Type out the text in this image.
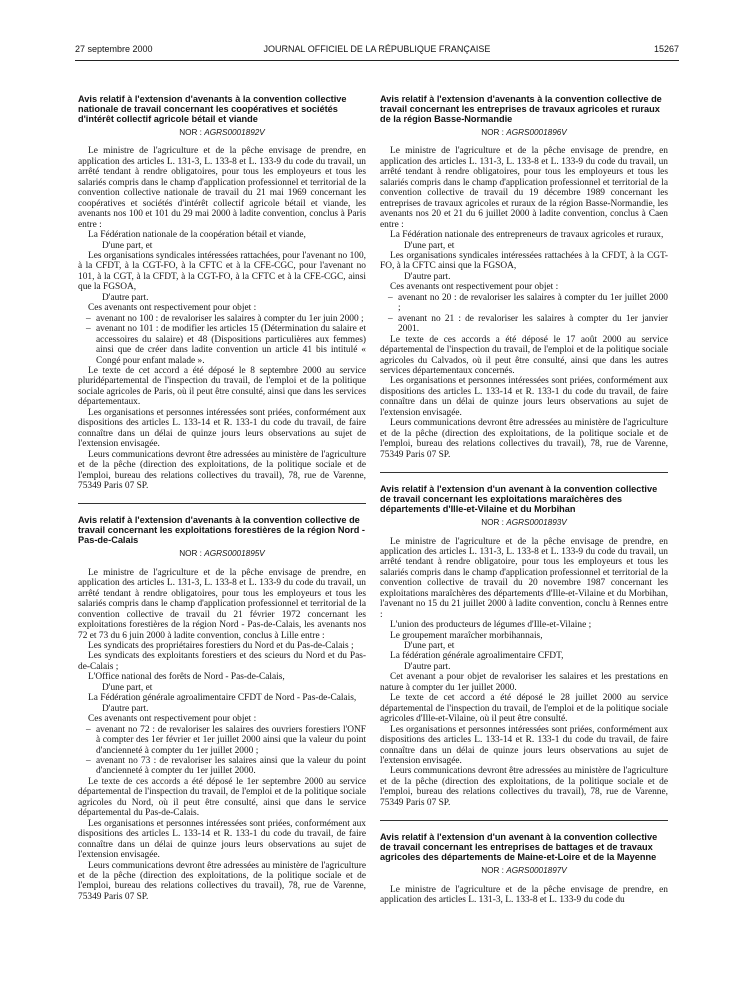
27 septembre 2000	JOURNAL OFFICIEL DE LA RÉPUBLIQUE FRANÇAISE	15267
Avis relatif à l'extension d'avenants à la convention collective nationale de travail concernant les coopératives et sociétés d'intérêt collectif agricole bétail et viande
NOR : AGRS0001892V

Le ministre de l'agriculture et de la pêche envisage de prendre, en application des articles L. 131-3, L. 133-8 et L. 133-9 du code du travail, un arrêté tendant à rendre obligatoires, pour tous les employeurs et tous les salariés compris dans le champ d'application professionnel et territorial de la convention collective nationale de travail du 21 mai 1969 concernant les coopératives et sociétés d'intérêt collectif agricole bétail et viande, les avenants nos 100 et 101 du 29 mai 2000 à ladite convention, conclus à Paris entre :

La Fédération nationale de la coopération bétail et viande,

D'une part, et

Les organisations syndicales intéressées rattachées, pour l'avenant no 100, à la CFDT, à la CGT-FO, à la CFTC et à la CFE-CGC, pour l'avenant no 101, à la CGT, à la CFDT, à la CGT-FO, à la CFTC et à la CFE-CGC, ainsi que la FGSOA,

D'autre part.

Ces avenants ont respectivement pour objet :

– avenant no 100 : de revaloriser les salaires à compter du 1er juin 2000 ;
– avenant no 101 : de modifier les articles 15 (Détermination du salaire et accessoires du salaire) et 48 (Dispositions particulières aux femmes) ainsi que de créer dans ladite convention un article 41 bis intitulé « Congé pour enfant malade ».

Le texte de cet accord a été déposé le 8 septembre 2000 au service pluridépartemental de l'inspection du travail, de l'emploi et de la politique sociale agricoles de Paris, où il peut être consulté, ainsi que dans les services départementaux.

Les organisations et personnes intéressées sont priées, conformément aux dispositions des articles L. 133-14 et R. 133-1 du code du travail, de faire connaître dans un délai de quinze jours leurs observations au sujet de l'extension envisagée.

Leurs communications devront être adressées au ministère de l'agriculture et de la pêche (direction des exploitations, de la politique sociale et de l'emploi, bureau des relations collectives du travail), 78, rue de Varenne, 75349 Paris 07 SP.

Avis relatif à l'extension d'avenants à la convention collective de travail concernant les exploitations forestières de la région Nord - Pas-de-Calais
NOR : AGRS0001895V

Le ministre de l'agriculture et de la pêche envisage de prendre, en application des articles L. 131-3, L. 133-8 et L. 133-9 du code du travail, un arrêté tendant à rendre obligatoires, pour tous les employeurs et tous les salariés compris dans le champ d'application professionnel et territorial de la convention collective de travail du 21 février 1972 concernant les exploitations forestières de la région Nord - Pas-de-Calais, les avenants nos 72 et 73 du 6 juin 2000 à ladite convention, conclus à Lille entre :

Les syndicats des propriétaires forestiers du Nord et du Pas-de-Calais ;

Les syndicats des exploitants forestiers et des scieurs du Nord et du Pas-de-Calais ;

L'Office national des forêts de Nord - Pas-de-Calais,

D'une part, et

La Fédération générale agroalimentaire CFDT de Nord - Pas-de-Calais,

D'autre part.

Ces avenants ont respectivement pour objet :

– avenant no 72 : de revaloriser les salaires des ouvriers forestiers l'ONF à compter des 1er février et 1er juillet 2000 ainsi que la valeur du point d'ancienneté à compter du 1er juillet 2000 ;
– avenant no 73 : de revaloriser les salaires ainsi que la valeur du point d'ancienneté à compter du 1er juillet 2000.

Le texte de ces accords a été déposé le 1er septembre 2000 au service départemental de l'inspection du travail, de l'emploi et de la politique sociale agricoles du Nord, où il peut être consulté, ainsi que dans le service départemental du Pas-de-Calais.

Les organisations et personnes intéressées sont priées, conformément aux dispositions des articles L. 133-14 et R. 133-1 du code du travail, de faire connaître dans un délai de quinze jours leurs observations au sujet de l'extension envisagée.

Leurs communications devront être adressées au ministère de l'agriculture et de la pêche (direction des exploitations, de la politique sociale et de l'emploi, bureau des relations collectives du travail), 78, rue de Varenne, 75349 Paris 07 SP.

Avis relatif à l'extension d'avenants à la convention collective de travail concernant les entreprises de travaux agricoles et ruraux de la région Basse-Normandie
NOR : AGRS0001896V

Le ministre de l'agriculture et de la pêche envisage de prendre, en application des articles L. 131-3, L. 133-8 et L. 133-9 du code du travail, un arrêté tendant à rendre obligatoires, pour tous les employeurs et tous les salariés compris dans le champ d'application professionnel et territorial de la convention collective de travail du 19 décembre 1989 concernant les entreprises de travaux agricoles et ruraux de la région Basse-Normandie, les avenants nos 20 et 21 du 6 juillet 2000 à ladite convention, conclus à Caen entre :

La Fédération nationale des entrepreneurs de travaux agricoles et ruraux,

D'une part, et

Les organisations syndicales intéressées rattachées à la CFDT, à la CGT-FO, à la CFTC ainsi que la FGSOA,

D'autre part.

Ces avenants ont respectivement pour objet :

– avenant no 20 : de revaloriser les salaires à compter du 1er juillet 2000 ;
– avenant no 21 : de revaloriser les salaires à compter du 1er janvier 2001.

Le texte de ces accords a été déposé le 17 août 2000 au service départemental de l'inspection du travail, de l'emploi et de la politique sociale agricoles du Calvados, où il peut être consulté, ainsi que dans les autres services départementaux concernés.

Les organisations et personnes intéressées sont priées, conformément aux dispositions des articles L. 133-14 et R. 133-1 du code du travail, de faire connaître dans un délai de quinze jours leurs observations au sujet de l'extension envisagée.

Leurs communications devront être adressées au ministère de l'agriculture et de la pêche (direction des exploitations, de la politique sociale et de l'emploi, bureau des relations collectives du travail), 78, rue de Varenne, 75349 Paris 07 SP.

Avis relatif à l'extension d'un avenant à la convention collective de travail concernant les exploitations maraîchères des départements d'Ille-et-Vilaine et du Morbihan
NOR : AGRS0001893V

Le ministre de l'agriculture et de la pêche envisage de prendre, en application des articles L. 131-3, L. 133-8 et L. 133-9 du code du travail, un arrêté tendant à rendre obligatoire, pour tous les employeurs et tous les salariés compris dans le champ d'application professionnel et territorial de la convention collective de travail du 20 novembre 1987 concernant les exploitations maraîchères des départements d'Ille-et-Vilaine et du Morbihan, l'avenant no 15 du 21 juillet 2000 à ladite convention, conclu à Rennes entre :

L'union des producteurs de légumes d'Ille-et-Vilaine ;

Le groupement maraîcher morbihannais,

D'une part, et

La fédération générale agroalimentaire CFDT,

D'autre part.

Cet avenant a pour objet de revaloriser les salaires et les prestations en nature à compter du 1er juillet 2000.

Le texte de cet accord a été déposé le 28 juillet 2000 au service départemental de l'inspection du travail, de l'emploi et de la politique sociale agricoles d'Ille-et-Vilaine, où il peut être consulté.

Les organisations et personnes intéressées sont priées, conformément aux dispositions des articles L. 133-14 et R. 133-1 du code du travail, de faire connaître dans un délai de quinze jours leurs observations au sujet de l'extension envisagée.

Leurs communications devront être adressées au ministère de l'agriculture et de la pêche (direction des exploitations, de la politique sociale et de l'emploi, bureau des relations collectives du travail), 78, rue de Varenne, 75349 Paris 07 SP.

Avis relatif à l'extension d'un avenant à la convention collective de travail concernant les entreprises de battages et de travaux agricoles des départements de Maine-et-Loire et de la Mayenne
NOR : AGRS0001897V

Le ministre de l'agriculture et de la pêche envisage de prendre, en application des articles L. 131-3, L. 133-8 et L. 133-9 du code du
